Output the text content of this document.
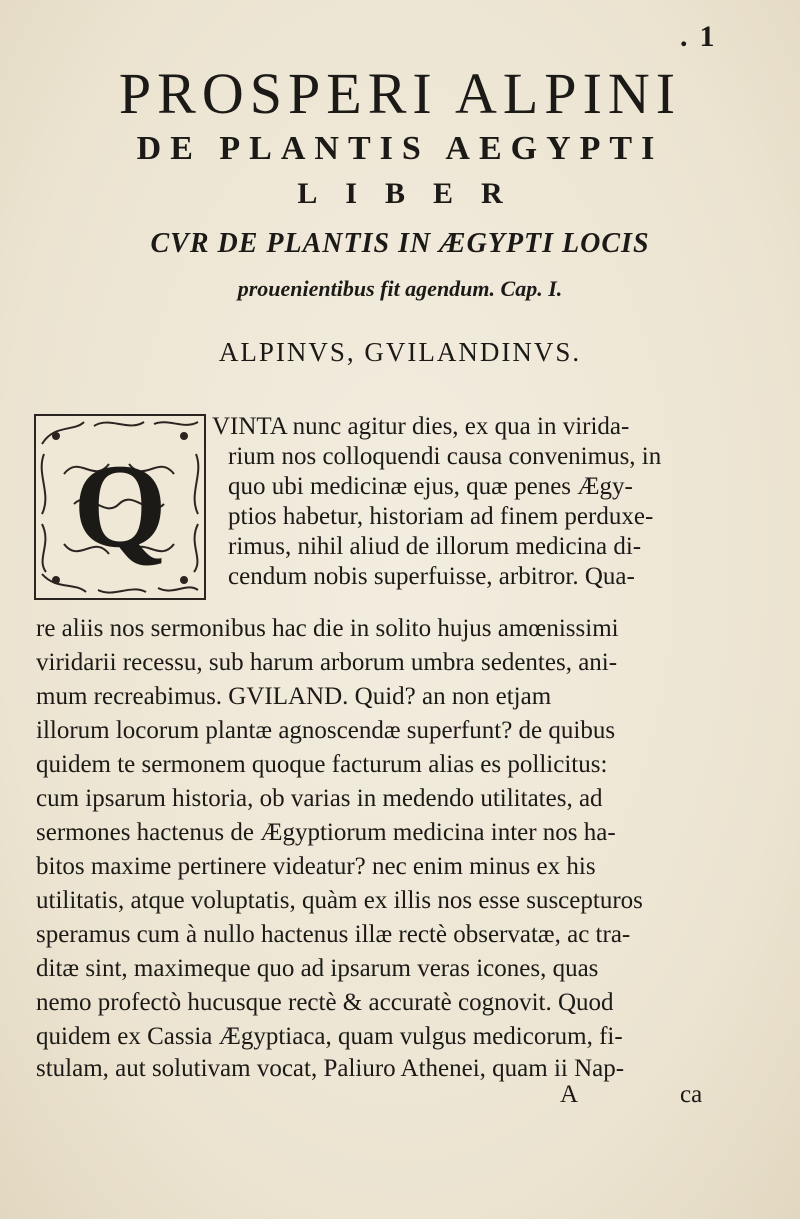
. 1
PROSPERI ALPINI
DE PLANTIS AEGYPTI
LIBER
CVR DE PLANTIS IN ÆGYPTI LOCIS
prouenientibus fit agendum. Cap. I.
ALPINVS, GVILANDINVS.
Q
VINTA nunc agitur dies, ex qua in virida-
rium nos colloquendi causa convenimus, in
quo ubi medicinæ ejus, quæ penes Ægy-
ptios habetur, historiam ad finem perduxe-
rimus, nihil aliud de illorum medicina di-
cendum nobis superfuisse, arbitror. Qua-
re aliis nos sermonibus hac die in solito hujus amœnissimi
viridarii recessu, sub harum arborum umbra sedentes, ani-
mum recreabimus. GVILAND. Quid? an non etjam
illorum locorum plantæ agnoscendæ superfunt? de quibus
quidem te sermonem quoque facturum alias es pollicitus:
cum ipsarum historia, ob varias in medendo utilitates, ad
sermones hactenus de Ægyptiorum medicina inter nos ha-
bitos maxime pertinere videatur? nec enim minus ex his
utilitatis, atque voluptatis, quàm ex illis nos esse suscepturos
speramus cum à nullo hactenus illæ rectè observatæ, ac tra-
ditæ sint, maximeque quo ad ipsarum veras icones, quas
nemo profectò hucusque rectè & accuratè cognovit. Quod
quidem ex Cassia Ægyptiaca, quam vulgus medicorum, fi-
stulam, aut solutivam vocat, Paliuro Athenei, quam ii Nap-
A	ca
